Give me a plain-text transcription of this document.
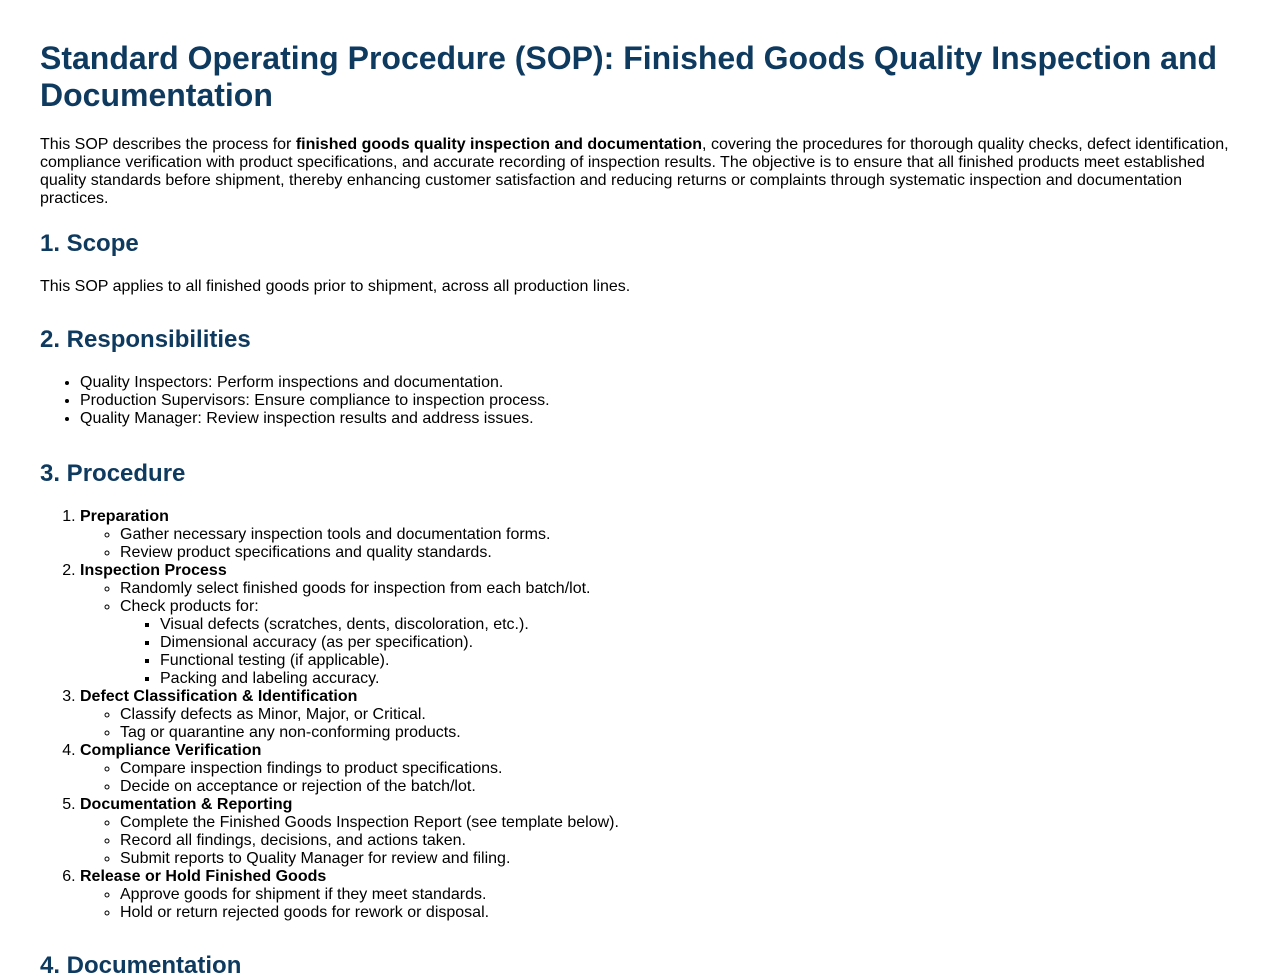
Standard Operating Procedure (SOP): Finished Goods Quality Inspection and Documentation

This SOP describes the process for finished goods quality inspection and documentation, covering the procedures for thorough quality checks, defect identification, compliance verification with product specifications, and accurate recording of inspection results. The objective is to ensure that all finished products meet established quality standards before shipment, thereby enhancing customer satisfaction and reducing returns or complaints through systematic inspection and documentation practices.

1. Scope

This SOP applies to all finished goods prior to shipment, across all production lines.

2. Responsibilities
• Quality Inspectors: Perform inspections and documentation.
• Production Supervisors: Ensure compliance to inspection process.
• Quality Manager: Review inspection results and address issues.
3. Procedure
1. Preparation
◦ Gather necessary inspection tools and documentation forms.
◦ Review product specifications and quality standards.
2. Inspection Process
◦ Randomly select finished goods for inspection from each batch/lot.
◦ Check products for:
▪ Visual defects (scratches, dents, discoloration, etc.).
▪ Dimensional accuracy (as per specification).
▪ Functional testing (if applicable).
▪ Packing and labeling accuracy.
3. Defect Classification & Identification
◦ Classify defects as Minor, Major, or Critical.
◦ Tag or quarantine any non-conforming products.
4. Compliance Verification
◦ Compare inspection findings to product specifications.
◦ Decide on acceptance or rejection of the batch/lot.
5. Documentation & Reporting
◦ Complete the Finished Goods Inspection Report (see template below).
◦ Record all findings, decisions, and actions taken.
◦ Submit reports to Quality Manager for review and filing.
6. Release or Hold Finished Goods
◦ Approve goods for shipment if they meet standards.
◦ Hold or return rejected goods for rework or disposal.
4. Documentation
